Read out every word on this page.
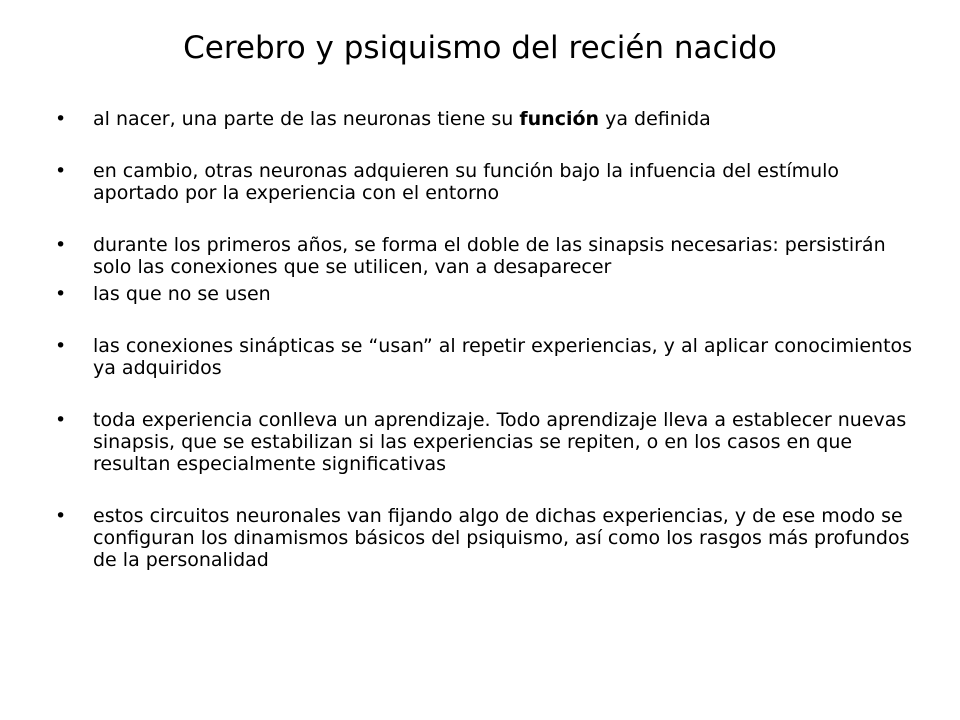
Cerebro y psiquismo del recién nacido
• al nacer, una parte de las neuronas tiene su función ya definida
• en cambio, otras neuronas adquieren su función bajo la infuencia del estímulo aportado por la experiencia con el entorno
• durante los primeros años, se forma el doble de las sinapsis necesarias: persistirán solo las conexiones que se utilicen, van a desaparecer
• las que no se usen
• las conexiones sinápticas se “usan” al repetir experiencias, y al aplicar conocimientos ya adquiridos
• toda experiencia conlleva un aprendizaje. Todo aprendizaje lleva a establecer nuevas sinapsis, que se estabilizan si las experiencias se repiten, o en los casos en que resultan especialmente significativas
• estos circuitos neuronales van fijando algo de dichas experiencias, y de ese modo se configuran los dinamismos básicos del psiquismo, así como los rasgos más profundos de la personalidad
